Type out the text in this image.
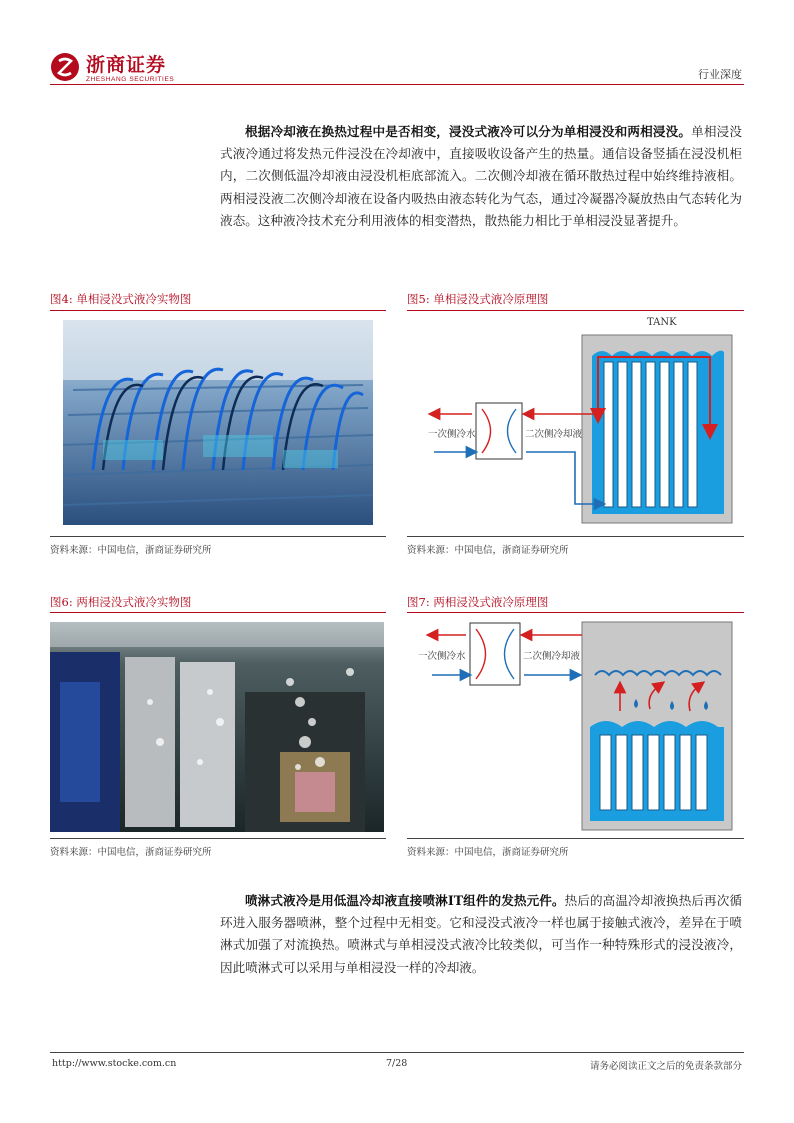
浙商证券
ZHESHANG SECURITIES	行业深度
根据冷却液在换热过程中是否相变，浸没式液冷可以分为单相浸没和两相浸没。单相浸没式液冷通过将发热元件浸没在冷却液中，直接吸收设备产生的热量。通信设备竖插在浸没机柜内，二次侧低温冷却液由浸没机柜底部流入。二次侧冷却液在循环散热过程中始终维持液相。两相浸没液二次侧冷却液在设备内吸热由液态转化为气态，通过冷凝器冷凝放热由气态转化为液态。这种液冷技术充分利用液体的相变潜热，散热能力相比于单相浸没显著提升。
图4: 单相浸没式液冷实物图
资料来源：中国电信，浙商证券研究所
图5: 单相浸没式液冷原理图
TANK
一次侧冷水	二次侧冷却液
资料来源：中国电信，浙商证券研究所
图6: 两相浸没式液冷实物图
资料来源：中国电信，浙商证券研究所
图7: 两相浸没式液冷原理图
一次侧冷水	二次侧冷却液
资料来源：中国电信，浙商证券研究所
喷淋式液冷是用低温冷却液直接喷淋IT组件的发热元件。热后的高温冷却液换热后再次循环进入服务器喷淋，整个过程中无相变。它和浸没式液冷一样也属于接触式液冷，差异在于喷淋式加强了对流换热。喷淋式与单相浸没式液冷比较类似，可当作一种特殊形式的浸没液冷，因此喷淋式可以采用与单相浸没一样的冷却液。
http://www.stocke.com.cn	7/28	请务必阅读正文之后的免责条款部分
